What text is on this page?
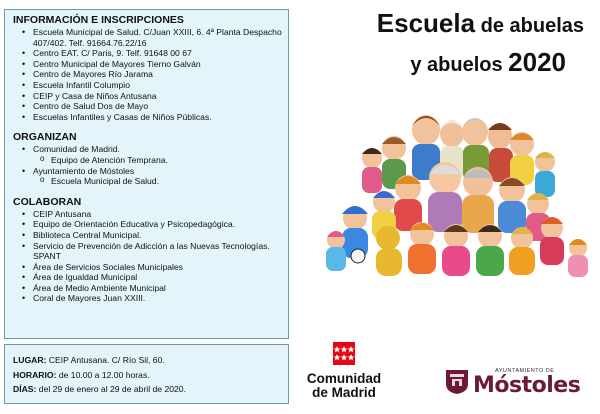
INFORMACIÓN E INSCRIPCIONES
• Escuela Municipal de Salud. C/Juan XXIII, 6. 4ª Planta Despacho 407/402. Telf. 91664.76.22/16
• Centro EAT. C/ Paris, 9. Telf. 91648 00 67
• Centro Municipal de Mayores Tierno Galván
• Centro de Mayores Río Jarama
• Escuela Infantil Columpio
• CEIP y Casa de Niños Antusana
• Centro de Salud Dos de Mayo
• Escuelas Infantiles y Casas de Niños Públicas.
ORGANIZAN
• Comunidad de Madrid.
o Equipo de Atención Temprana.
• Ayuntamiento de Móstoles
o Escuela Municipal de Salud.
COLABORAN
• CEIP Antusana
• Equipo de Orientación Educativa y Psicopedagógica.
• Biblioteca Central Municipal.
• Servicio de Prevención de Adicción a las Nuevas Tecnologías. SPANT
• Área de Servicios Sociales Municipales
• Área de Igualdad Municipal
• Área de Medio Ambiente Municipal
• Coral de Mayores Juan XXIII.
LUGAR: CEIP Antusana. C/ Río Sil, 60.
HORARIO: de 10.00 a 12.00 horas.
DÍAS: del 29 de enero al 29 de abril de 2020.
Escuela de abuelas
y abuelos 2020
Comunidad
de Madrid
AYUNTAMIENTO DE
Móstoles
